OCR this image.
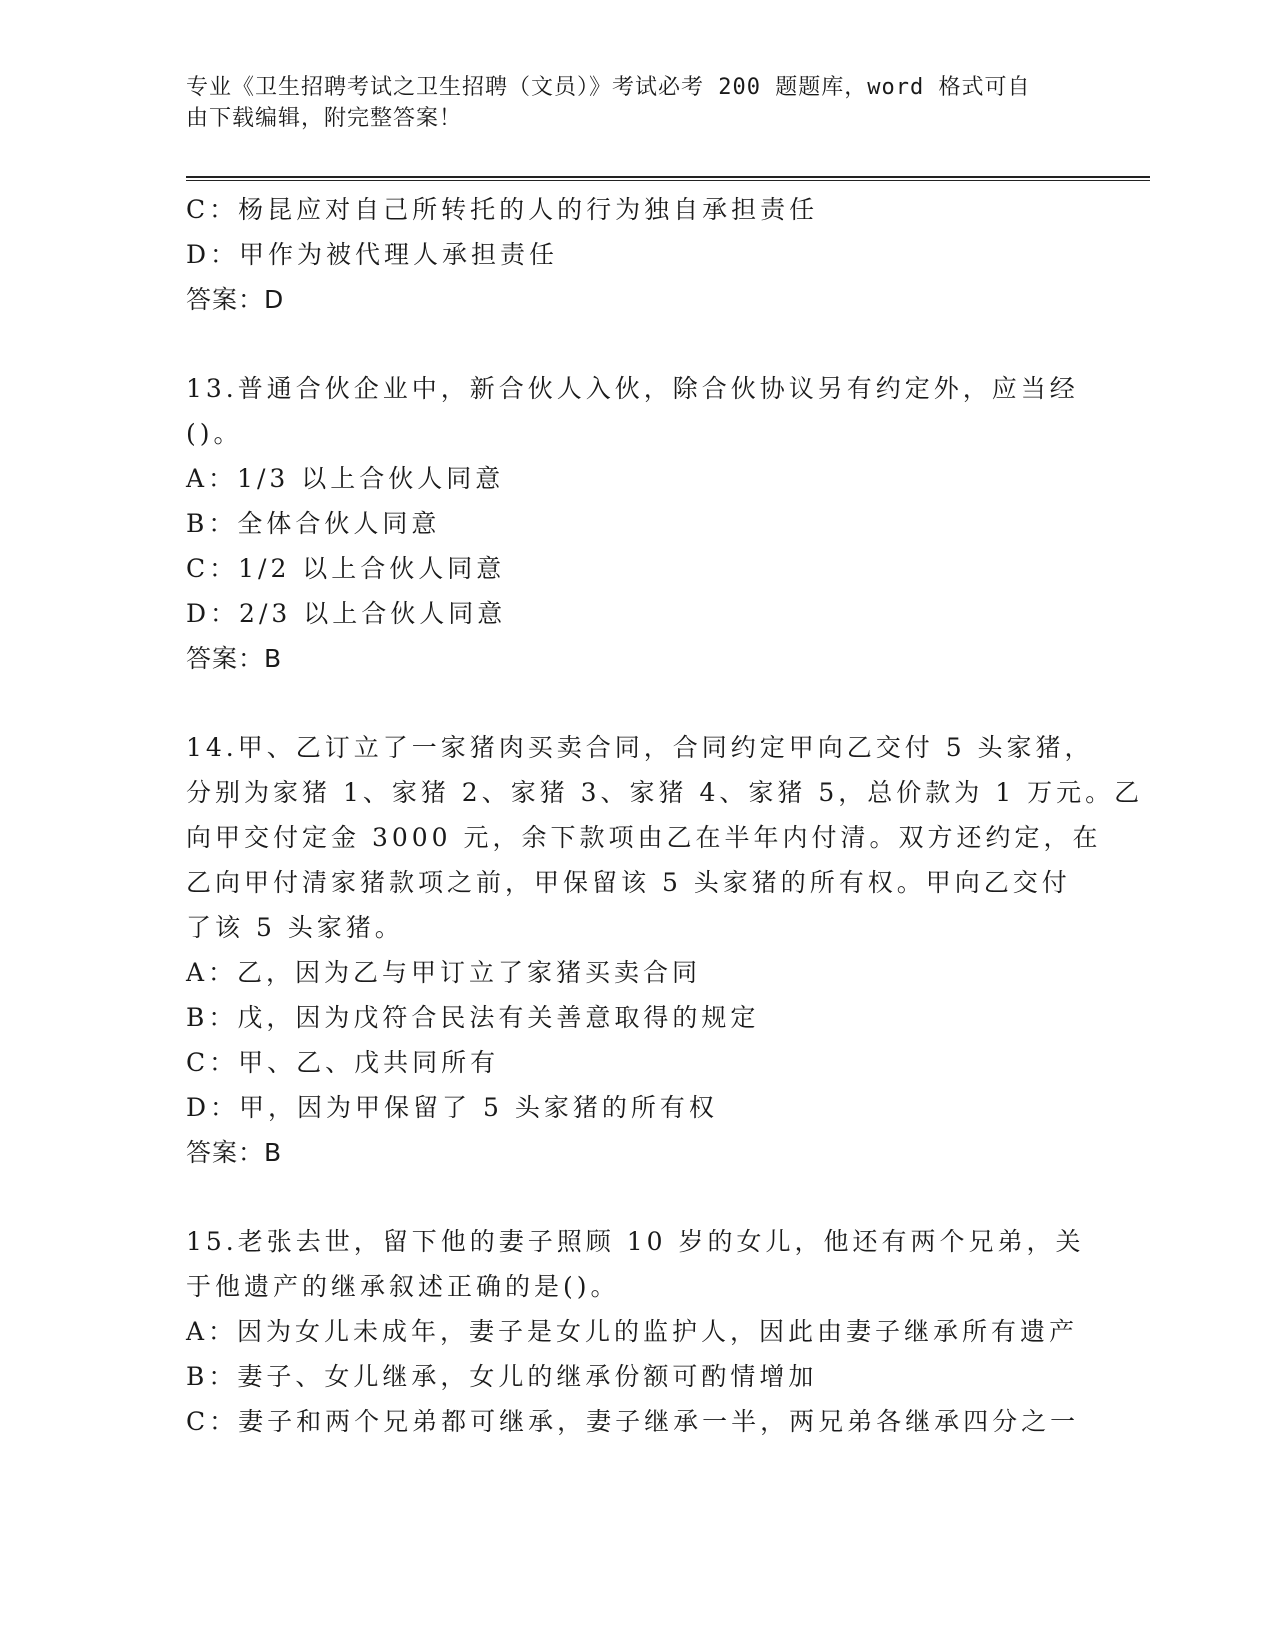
专业《卫生招聘考试之卫生招聘（文员）》考试必考 200 题题库，word 格式可自
由下载编辑，附完整答案！
C：杨昆应对自己所转托的人的行为独自承担责任
D：甲作为被代理人承担责任
答案：D
13.普通合伙企业中，新合伙人入伙，除合伙协议另有约定外，应当经
()。
A：1/3 以上合伙人同意
B：全体合伙人同意
C：1/2 以上合伙人同意
D：2/3 以上合伙人同意
答案：B
14.甲、乙订立了一家猪肉买卖合同，合同约定甲向乙交付 5 头家猪，
分别为家猪 1、家猪 2、家猪 3、家猪 4、家猪 5，总价款为 1 万元。乙
向甲交付定金 3000 元，余下款项由乙在半年内付清。双方还约定，在
乙向甲付清家猪款项之前，甲保留该 5 头家猪的所有权。甲向乙交付
了该 5 头家猪。
A：乙，因为乙与甲订立了家猪买卖合同
B：戊，因为戊符合民法有关善意取得的规定
C：甲、乙、戊共同所有
D：甲，因为甲保留了 5 头家猪的所有权
答案：B
15.老张去世，留下他的妻子照顾 10 岁的女儿，他还有两个兄弟，关
于他遗产的继承叙述正确的是()。
A：因为女儿未成年，妻子是女儿的监护人，因此由妻子继承所有遗产
B：妻子、女儿继承，女儿的继承份额可酌情增加
C：妻子和两个兄弟都可继承，妻子继承一半，两兄弟各继承四分之一
